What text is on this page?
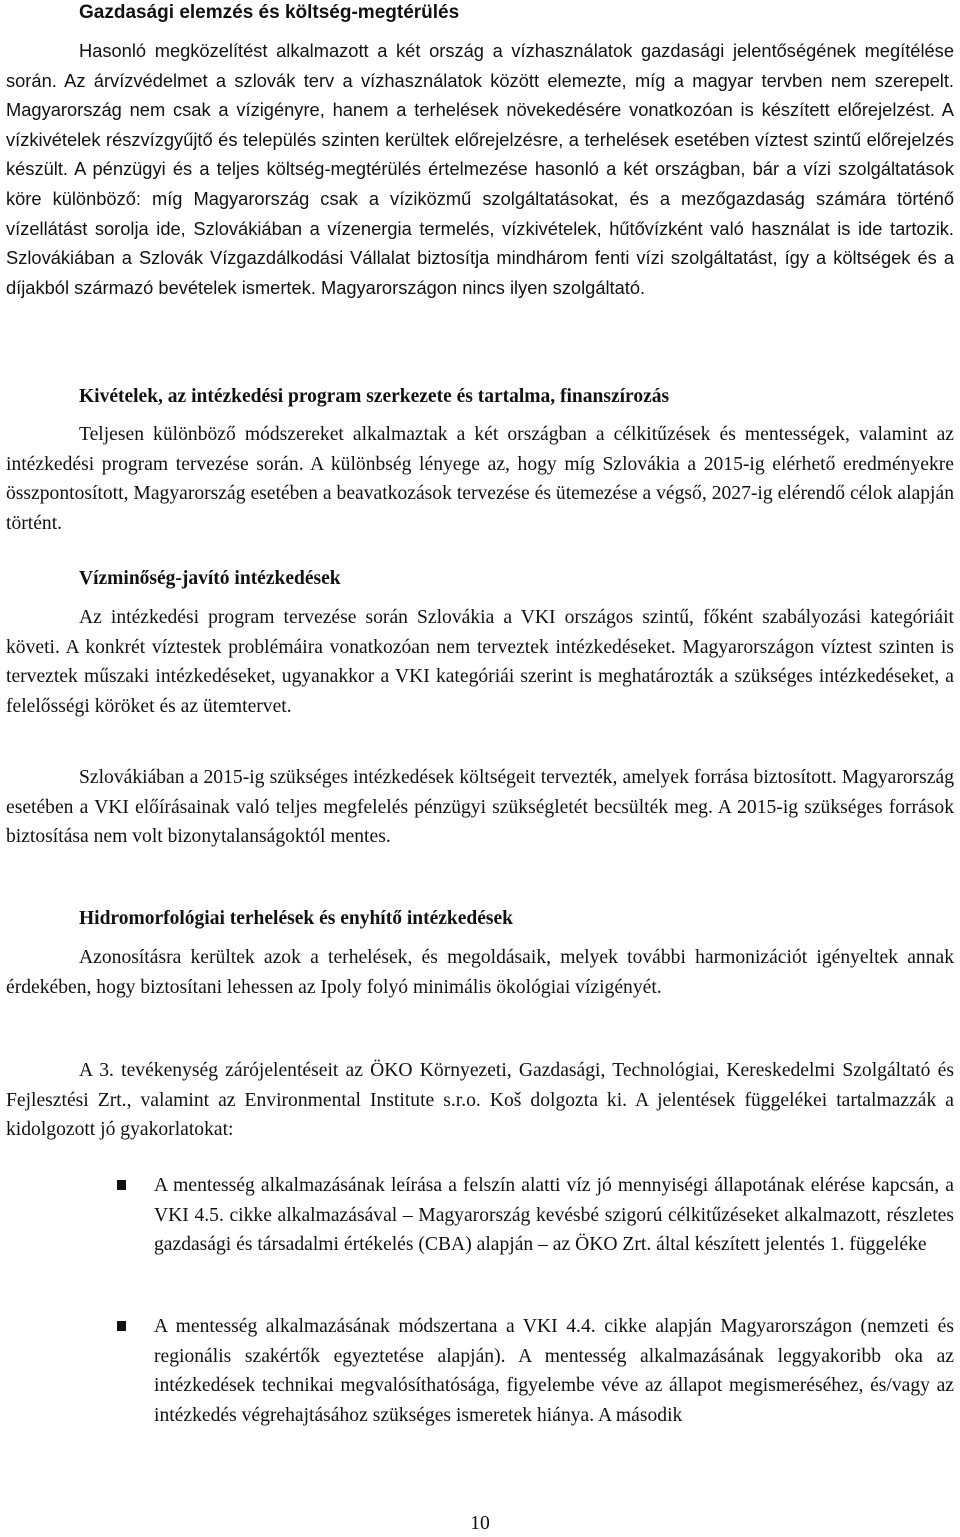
Gazdasági elemzés és költség-megtérülés

Hasonló megközelítést alkalmazott a két ország a vízhasználatok gazdasági jelentőségének megítélése során. Az árvízvédelmet a szlovák terv a vízhasználatok között elemezte, míg a magyar tervben nem szerepelt. Magyarország nem csak a vízigényre, hanem a terhelések növekedésére vonatkozóan is készített előrejelzést. A vízkivételek részvízgyűjtő és település szinten kerültek előrejelzésre, a terhelések esetében víztest szintű előrejelzés készült. A pénzügyi és a teljes költség-megtérülés értelmezése hasonló a két országban, bár a vízi szolgáltatások köre különböző: míg Magyarország csak a víziközmű szolgáltatásokat, és a mezőgazdaság számára történő vízellátást sorolja ide, Szlovákiában a vízenergia termelés, vízkivételek, hűtővízként való használat is ide tartozik. Szlovákiában a Szlovák Vízgazdálkodási Vállalat biztosítja mindhárom fenti vízi szolgáltatást, így a költségek és a díjakból származó bevételek ismertek. Magyarországon nincs ilyen szolgáltató.

Kivételek, az intézkedési program szerkezete és tartalma, finanszírozás

Teljesen különböző módszereket alkalmaztak a két országban a célkitűzések és mentességek, valamint az intézkedési program tervezése során. A különbség lényege az, hogy míg Szlovákia a 2015-ig elérhető eredményekre összpontosított, Magyarország esetében a beavatkozások tervezése és ütemezése a végső, 2027-ig elérendő célok alapján történt.

Vízminőség-javító intézkedések

Az intézkedési program tervezése során Szlovákia a VKI országos szintű, főként szabályozási kategóriáit követi. A konkrét víztestek problémáira vonatkozóan nem terveztek intézkedéseket. Magyarországon víztest szinten is terveztek műszaki intézkedéseket, ugyanakkor a VKI kategóriái szerint is meghatározták a szükséges intézkedéseket, a felelősségi köröket és az ütemtervet.

Szlovákiában a 2015-ig szükséges intézkedések költségeit tervezték, amelyek forrása biztosított. Magyarország esetében a VKI előírásainak való teljes megfelelés pénzügyi szükségletét becsülték meg. A 2015-ig szükséges források biztosítása nem volt bizonytalanságoktól mentes.

Hidromorfológiai terhelések és enyhítő intézkedések

Azonosításra kerültek azok a terhelések, és megoldásaik, melyek további harmonizációt igényeltek annak érdekében, hogy biztosítani lehessen az Ipoly folyó minimális ökológiai vízigényét.

A 3. tevékenység zárójelentéseit az ÖKO Környezeti, Gazdasági, Technológiai, Kereskedelmi Szolgáltató és Fejlesztési Zrt., valamint az Environmental Institute s.r.o. Koš dolgozta ki. A jelentések függelékei tartalmazzák a kidolgozott jó gyakorlatokat:

A mentesség alkalmazásának leírása a felszín alatti víz jó mennyiségi állapotának elérése kapcsán, a VKI 4.5. cikke alkalmazásával – Magyarország kevésbé szigorú célkitűzéseket alkalmazott, részletes gazdasági és társadalmi értékelés (CBA) alapján – az ÖKO Zrt. által készített jelentés 1. függeléke
A mentesség alkalmazásának módszertana a VKI 4.4. cikke alapján Magyarországon (nemzeti és regionális szakértők egyeztetése alapján). A mentesség alkalmazásának leggyakoribb oka az intézkedések technikai megvalósíthatósága, figyelembe véve az állapot megismeréséhez, és/vagy az intézkedés végrehajtásához szükséges ismeretek hiánya. A második

10
